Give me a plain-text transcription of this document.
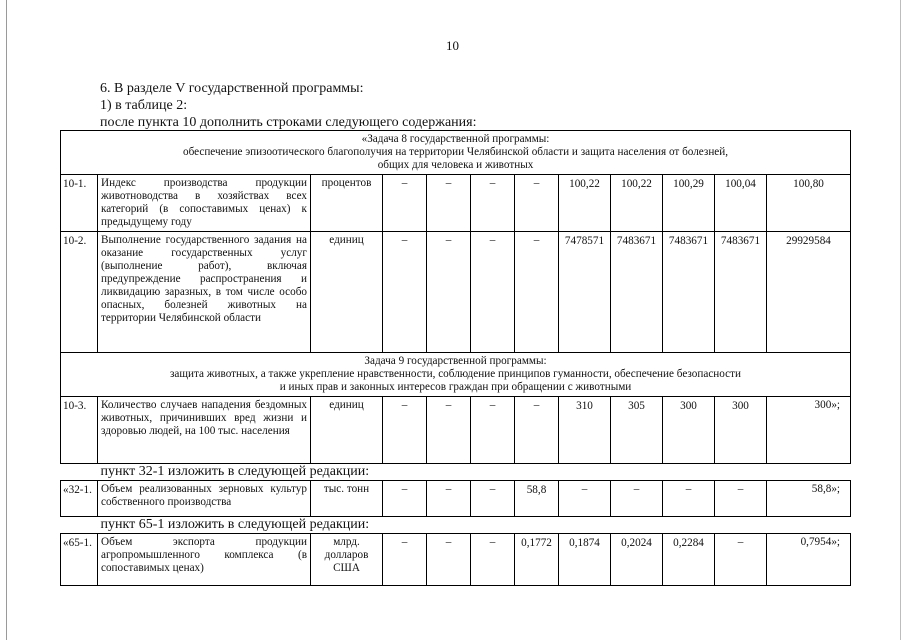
10
6. В разделе V государственной программы:
1) в таблице 2:
после пункта 10 дополнить строками следующего содержания:
«Задача 8 государственной программы:
обеспечение эпизоотического благополучия на территории Челябинской области и защита населения от болезней,
общих для человека и животных											

10-1.	Индекс производства продукции животноводства в хозяйствах всех категорий (в сопоставимых ценах) к предыдущему году	процентов	–	–	–	–	100,22	100,22	100,29	100,04	100,80
10-2.	Выполнение государственного задания на оказание государственных услуг (выполнение работ), включая предупреждение распространения и ликвидацию заразных, в том числе особо опасных, болезней животных на территории Челябинской области	единиц	–	–	–	–	7478571	7483671	7483671	7483671	29929584

Задача 9 государственной программы:
защита животных, а также укрепление нравственности, соблюдение принципов гуманности, обеспечение безопасности
и иных прав и законных интересов граждан при обращении с животными											

10-3.	Количество случаев нападения бездомных животных, причинивших вред жизни и здоровью людей, на 100 тыс. населения	единиц	–	–	–	–	310	305	300	300	300»;
пункт 32-1 изложить в следующей редакции:											
«32-1.	Объем реализованных зерновых культур собственного производства	тыс. тонн	–	–	–	58,8	–	–	–	–	58,8»;
пункт 65-1 изложить в следующей редакции:											
«65-1.	Объем экспорта продукции агропромышленного комплекса (в сопоставимых ценах)	млрд. долларов США	–	–	–	0,1772	0,1874	0,2024	0,2284	–	0,7954»;
